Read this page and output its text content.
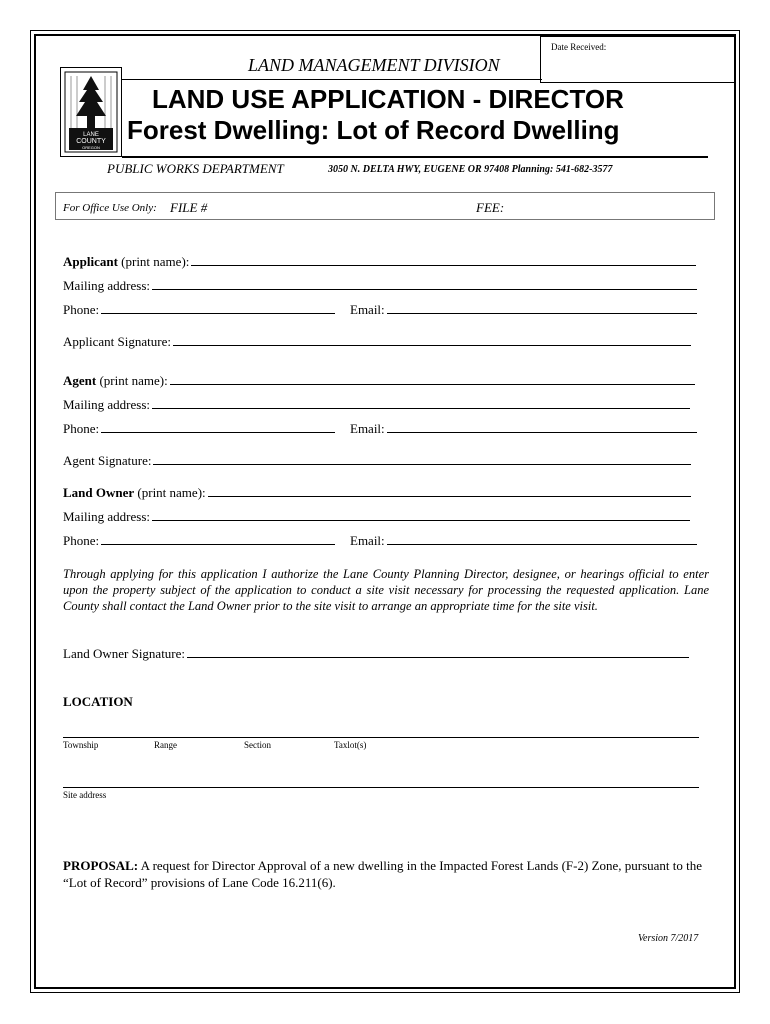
Date Received:
LAND MANAGEMENT DIVISION
LANE
COUNTY
OREGON
LAND USE APPLICATION - DIRECTOR
Forest Dwelling: Lot of Record Dwelling
PUBLIC WORKS DEPARTMENT	3050 N. DELTA HWY, EUGENE OR 97408 Planning: 541-682-3577
For Office Use Only: FILE #	FEE:
Applicant (print name):
Mailing address:
Phone:	Email:
Applicant Signature:
Agent (print name):
Mailing address:
Phone:	Email:
Agent Signature:
Land Owner (print name):
Mailing address:
Phone:	Email:
Through applying for this application I authorize the Lane County Planning Director, designee, or hearings official to enter upon the property subject of the application to conduct a site visit necessary for processing the requested application. Lane County shall contact the Land Owner prior to the site visit to arrange an appropriate time for the site visit.
Land Owner Signature:
LOCATION
Township	Range	Section	Taxlot(s)
Site address
PROPOSAL: A request for Director Approval of a new dwelling in the Impacted Forest Lands (F-2) Zone, pursuant to the “Lot of Record” provisions of Lane Code 16.211(6).
Version 7/2017
